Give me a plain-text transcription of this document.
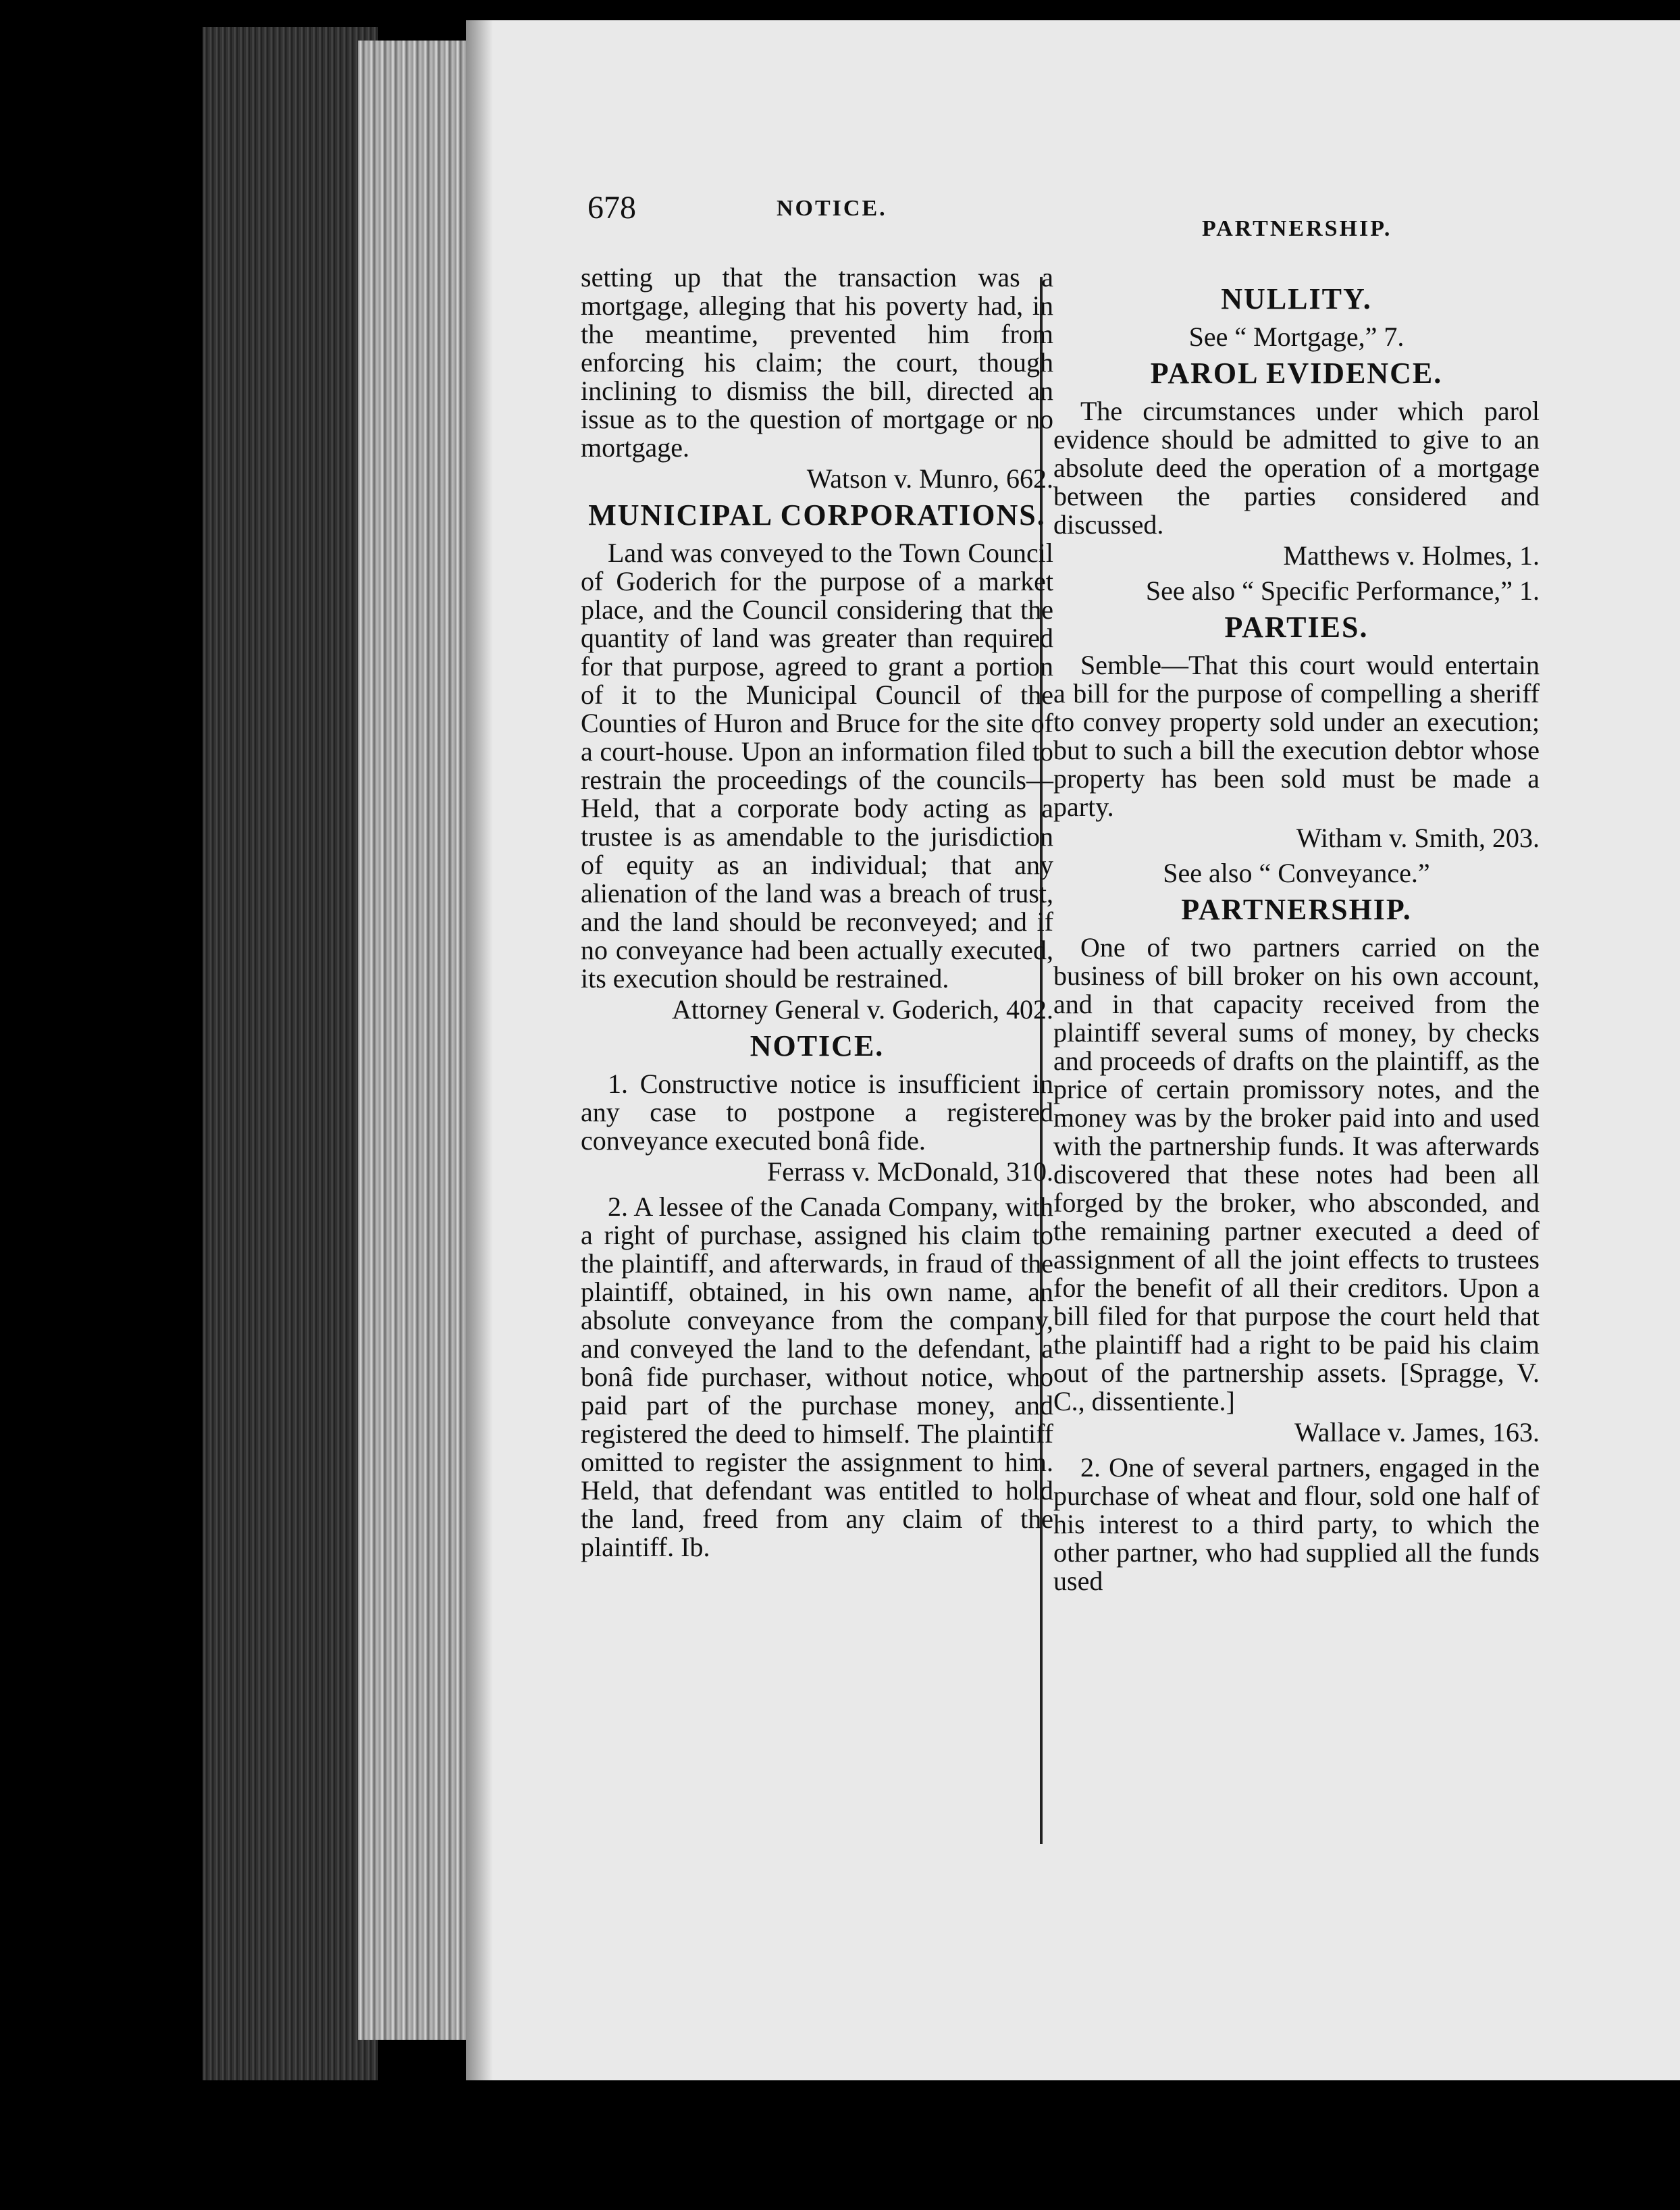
678	NOTICE.
PARTNERSHIP.

setting up that the transaction was a mortgage, alleging that his poverty had, in the meantime, prevented him from enforcing his claim; the court, though inclining to dismiss the bill, directed an issue as to the question of mortgage or no mortgage.

Watson v. Munro, 662.

MUNICIPAL CORPORATIONS.

Land was conveyed to the Town Council of Goderich for the purpose of a market place, and the Council considering that the quantity of land was greater than required for that purpose, agreed to grant a portion of it to the Municipal Council of the Counties of Huron and Bruce for the site of a court-house. Upon an information filed to restrain the proceedings of the councils—Held, that a corporate body acting as a trustee is as amendable to the jurisdiction of equity as an individual; that any alienation of the land was a breach of trust, and the land should be reconveyed; and if no conveyance had been actually executed, its execution should be restrained.

Attorney General v. Goderich, 402.

NOTICE.

1. Constructive notice is insufficient in any case to postpone a registered conveyance executed bonâ fide.

Ferrass v. McDonald, 310.

2. A lessee of the Canada Company, with a right of purchase, assigned his claim to the plaintiff, and afterwards, in fraud of the plaintiff, obtained, in his own name, an absolute conveyance from the company, and conveyed the land to the defendant, a bonâ fide purchaser, without notice, who paid part of the purchase money, and registered the deed to himself. The plaintiff omitted to register the assignment to him. Held, that defendant was entitled to hold the land, freed from any claim of the plaintiff. Ib.

NULLITY.

See “ Mortgage,” 7.

PAROL EVIDENCE.

The circumstances under which parol evidence should be admitted to give to an absolute deed the operation of a mortgage between the parties considered and discussed.

Matthews v. Holmes, 1.

See also “ Specific Performance,” 1.

PARTIES.

Semble—That this court would entertain a bill for the purpose of compelling a sheriff to convey property sold under an execution; but to such a bill the execution debtor whose property has been sold must be made a party.

Witham v. Smith, 203.

See also “ Conveyance.”

PARTNERSHIP.

One of two partners carried on the business of bill broker on his own account, and in that capacity received from the plaintiff several sums of money, by checks and proceeds of drafts on the plaintiff, as the price of certain promissory notes, and the money was by the broker paid into and used with the partnership funds. It was afterwards discovered that these notes had been all forged by the broker, who absconded, and the remaining partner executed a deed of assignment of all the joint effects to trustees for the benefit of all their creditors. Upon a bill filed for that purpose the court held that the plaintiff had a right to be paid his claim out of the partnership assets. [Spragge, V. C., dissentiente.]

Wallace v. James, 163.

2. One of several partners, engaged in the purchase of wheat and flour, sold one half of his interest to a third party, to which the other partner, who had supplied all the funds used
